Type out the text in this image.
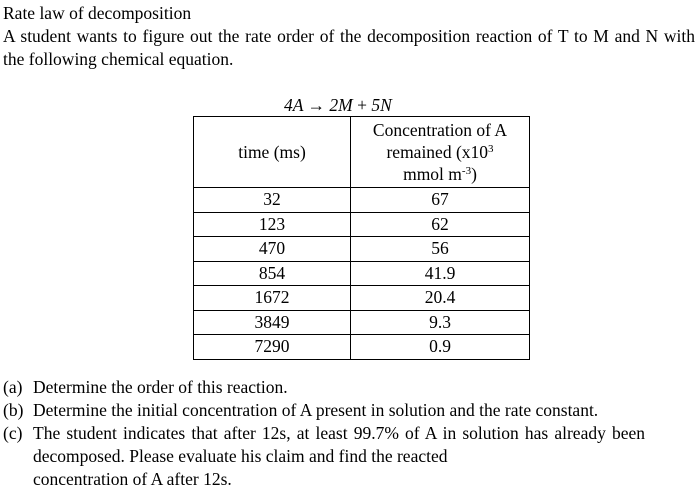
Rate law of decomposition
A student wants to figure out the rate order of the decomposition reaction of T to M and N with the following chemical equation.
4A → 2M + 5N
time (ms)	Concentration of A
remained ($x10^3$
mmol $m^{-3}$)
32	67
123	62
470	56
854	41.9
1672	20.4
3849	9.3
7290	0.9
(a) Determine the order of this reaction.
(b) Determine the initial concentration of A present in solution and the rate constant.
(c) The student indicates that after 12s, at least 99.7% of A in solution has already been decomposed. Please evaluate his claim and find the reacted
concentration of A after 12s.
